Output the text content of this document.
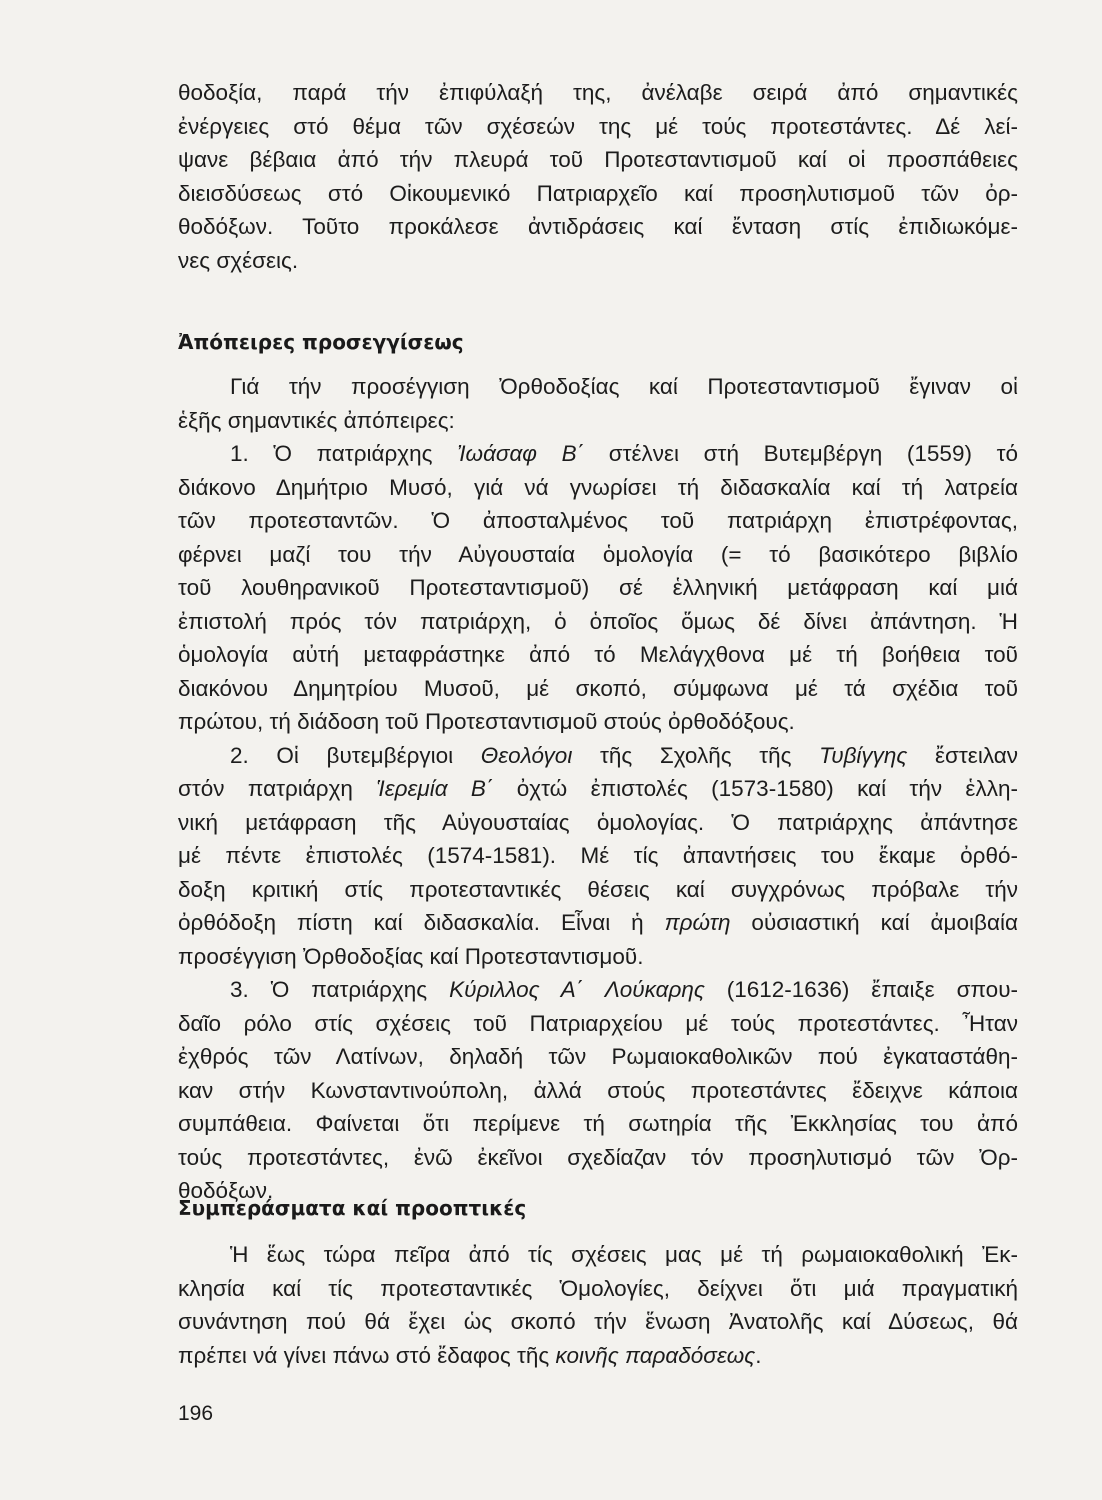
θοδοξία, παρά τήν ἐπιφύλαξή της, ἀνέλαβε σειρά ἀπό σημαντικές
ἐνέργειες στό θέμα τῶν σχέσεών της μέ τούς προτεστάντες. Δέ λεί-
ψανε βέβαια ἀπό τήν πλευρά τοῦ Προτεσταντισμοῦ καί οἱ προσπάθειες
διεισδύσεως στό Οἰκουμενικό Πατριαρχεῖο καί προσηλυτισμοῦ τῶν ὀρ-
θοδόξων. Τοῦτο προκάλεσε ἀντιδράσεις καί ἔνταση στίς ἐπιδιωκόμε-
νες σχέσεις.
Ἀπόπειρες προσεγγίσεως
Γιά τήν προσέγγιση Ὀρθοδοξίας καί Προτεσταντισμοῦ ἔγιναν οἱ
ἑξῆς σημαντικές ἀπόπειρες:
1. Ὁ πατριάρχης Ἰωάσαφ Β΄ στέλνει στή Βυτεμβέργη (1559) τό
διάκονο Δημήτριο Μυσό, γιά νά γνωρίσει τή διδασκαλία καί τή λατρεία
τῶν προτεσταντῶν. Ὁ ἀποσταλμένος τοῦ πατριάρχη ἐπιστρέφοντας,
φέρνει μαζί του τήν Αὐγουσταία ὁμολογία (= τό βασικότερο βιβλίο
τοῦ λουθηρανικοῦ Προτεσταντισμοῦ) σέ ἑλληνική μετάφραση καί μιά
ἐπιστολή πρός τόν πατριάρχη, ὁ ὁποῖος ὅμως δέ δίνει ἀπάντηση. Ἡ
ὁμολογία αὐτή μεταφράστηκε ἀπό τό Μελάγχθονα μέ τή βοήθεια τοῦ
διακόνου Δημητρίου Μυσοῦ, μέ σκοπό, σύμφωνα μέ τά σχέδια τοῦ
πρώτου, τή διάδοση τοῦ Προτεσταντισμοῦ στούς ὀρθοδόξους.
2. Οἱ βυτεμβέργιοι Θεολόγοι τῆς Σχολῆς τῆς Τυβίγγης ἔστειλαν
στόν πατριάρχη Ἱερεμία Β΄ ὀχτώ ἐπιστολές (1573-1580) καί τήν ἑλλη-
νική μετάφραση τῆς Αὐγουσταίας ὁμολογίας. Ὁ πατριάρχης ἀπάντησε
μέ πέντε ἐπιστολές (1574-1581). Μέ τίς ἀπαντήσεις του ἔκαμε ὀρθό-
δοξη κριτική στίς προτεσταντικές θέσεις καί συγχρόνως πρόβαλε τήν
ὀρθόδοξη πίστη καί διδασκαλία. Εἶναι ἡ πρώτη οὐσιαστική καί ἀμοιβαία
προσέγγιση Ὀρθοδοξίας καί Προτεσταντισμοῦ.
3. Ὁ πατριάρχης Κύριλλος Α΄ Λούκαρης (1612-1636) ἔπαιξε σπου-
δαῖο ρόλο στίς σχέσεις τοῦ Πατριαρχείου μέ τούς προτεστάντες. Ἦταν
ἐχθρός τῶν Λατίνων, δηλαδή τῶν Ρωμαιοκαθολικῶν πού ἐγκαταστάθη-
καν στήν Κωνσταντινούπολη, ἀλλά στούς προτεστάντες ἔδειχνε κάποια
συμπάθεια. Φαίνεται ὅτι περίμενε τή σωτηρία τῆς Ἐκκλησίας του ἀπό
τούς προτεστάντες, ἐνῶ ἐκεῖνοι σχεδίαζαν τόν προσηλυτισμό τῶν Ὀρ-
θοδόξων.
Συμπεράσματα καί προοπτικές
Ἡ ἕως τώρα πεῖρα ἀπό τίς σχέσεις μας μέ τή ρωμαιοκαθολική Ἐκ-
κλησία καί τίς προτεσταντικές Ὁμολογίες, δείχνει ὅτι μιά πραγματική
συνάντηση πού θά ἔχει ὡς σκοπό τήν ἕνωση Ἀνατολῆς καί Δύσεως, θά
πρέπει νά γίνει πάνω στό ἔδαφος τῆς κοινῆς παραδόσεως.
196
